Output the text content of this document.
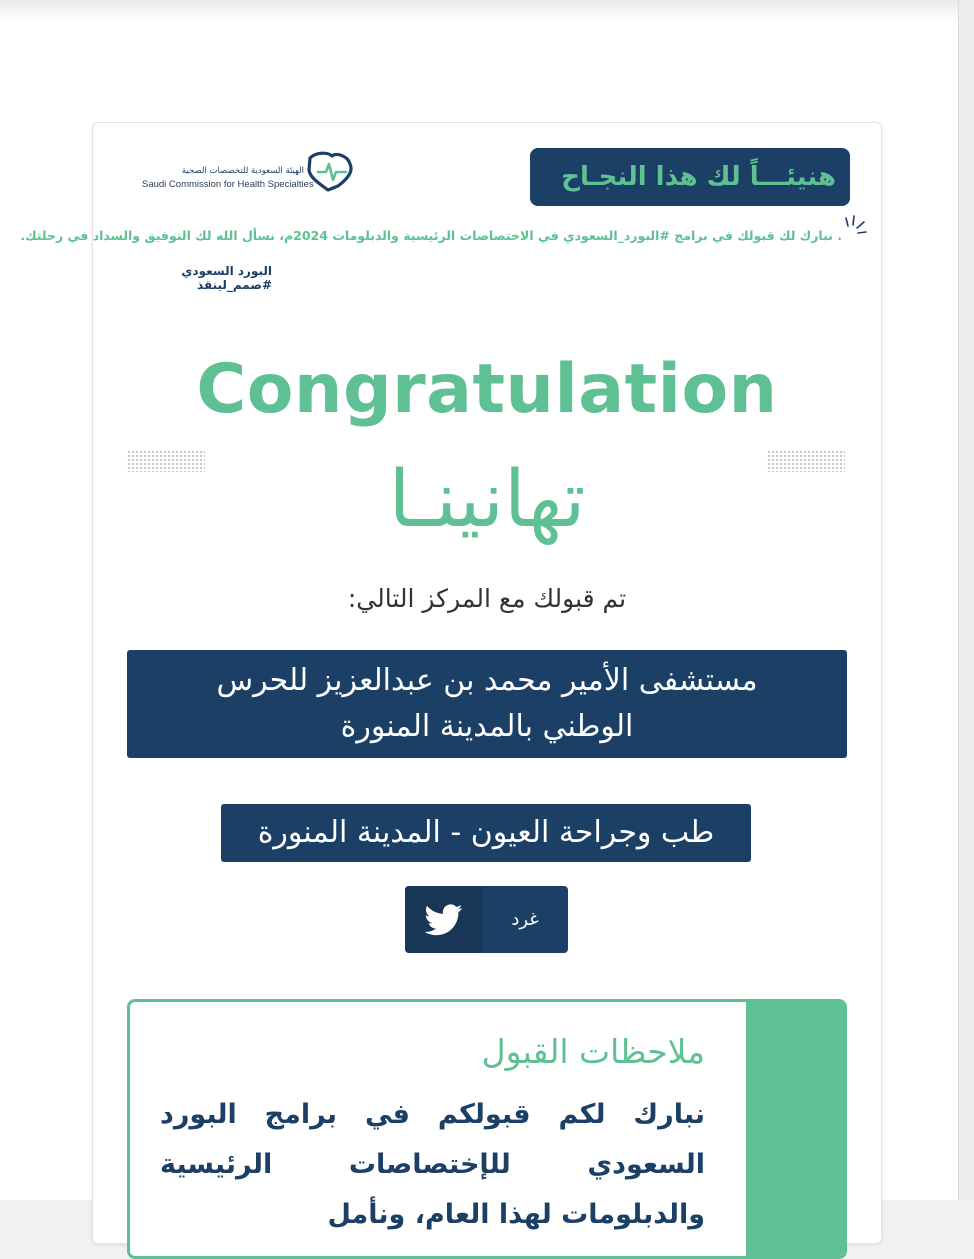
هنيئـــاً لك هذا النجـاح
الهيئة السعودية للتخصصات الصحية
Saudi Commission for Health Specialties
. نبارك لك قبولك في برامج #البورد_السعودي في الاختصاصات الرئيسية والدبلومات 2024م، نسأل الله لك التوفيق والسداد في رحلتك.
البورد السعودي #صمم_لينقذ
Congratulation
تهانينـا
تم قبولك مع المركز التالي:
مستشفى الأمير محمد بن عبدالعزيز للحرس الوطني بالمدينة المنورة
طب وجراحة العيون - المدينة المنورة
غرد
ملاحظات القبول
نبارك لكم قبولكم في برامج البورد السعودي للإختصاصات الرئيسية والدبلومات لهذا العام، ونأمل
